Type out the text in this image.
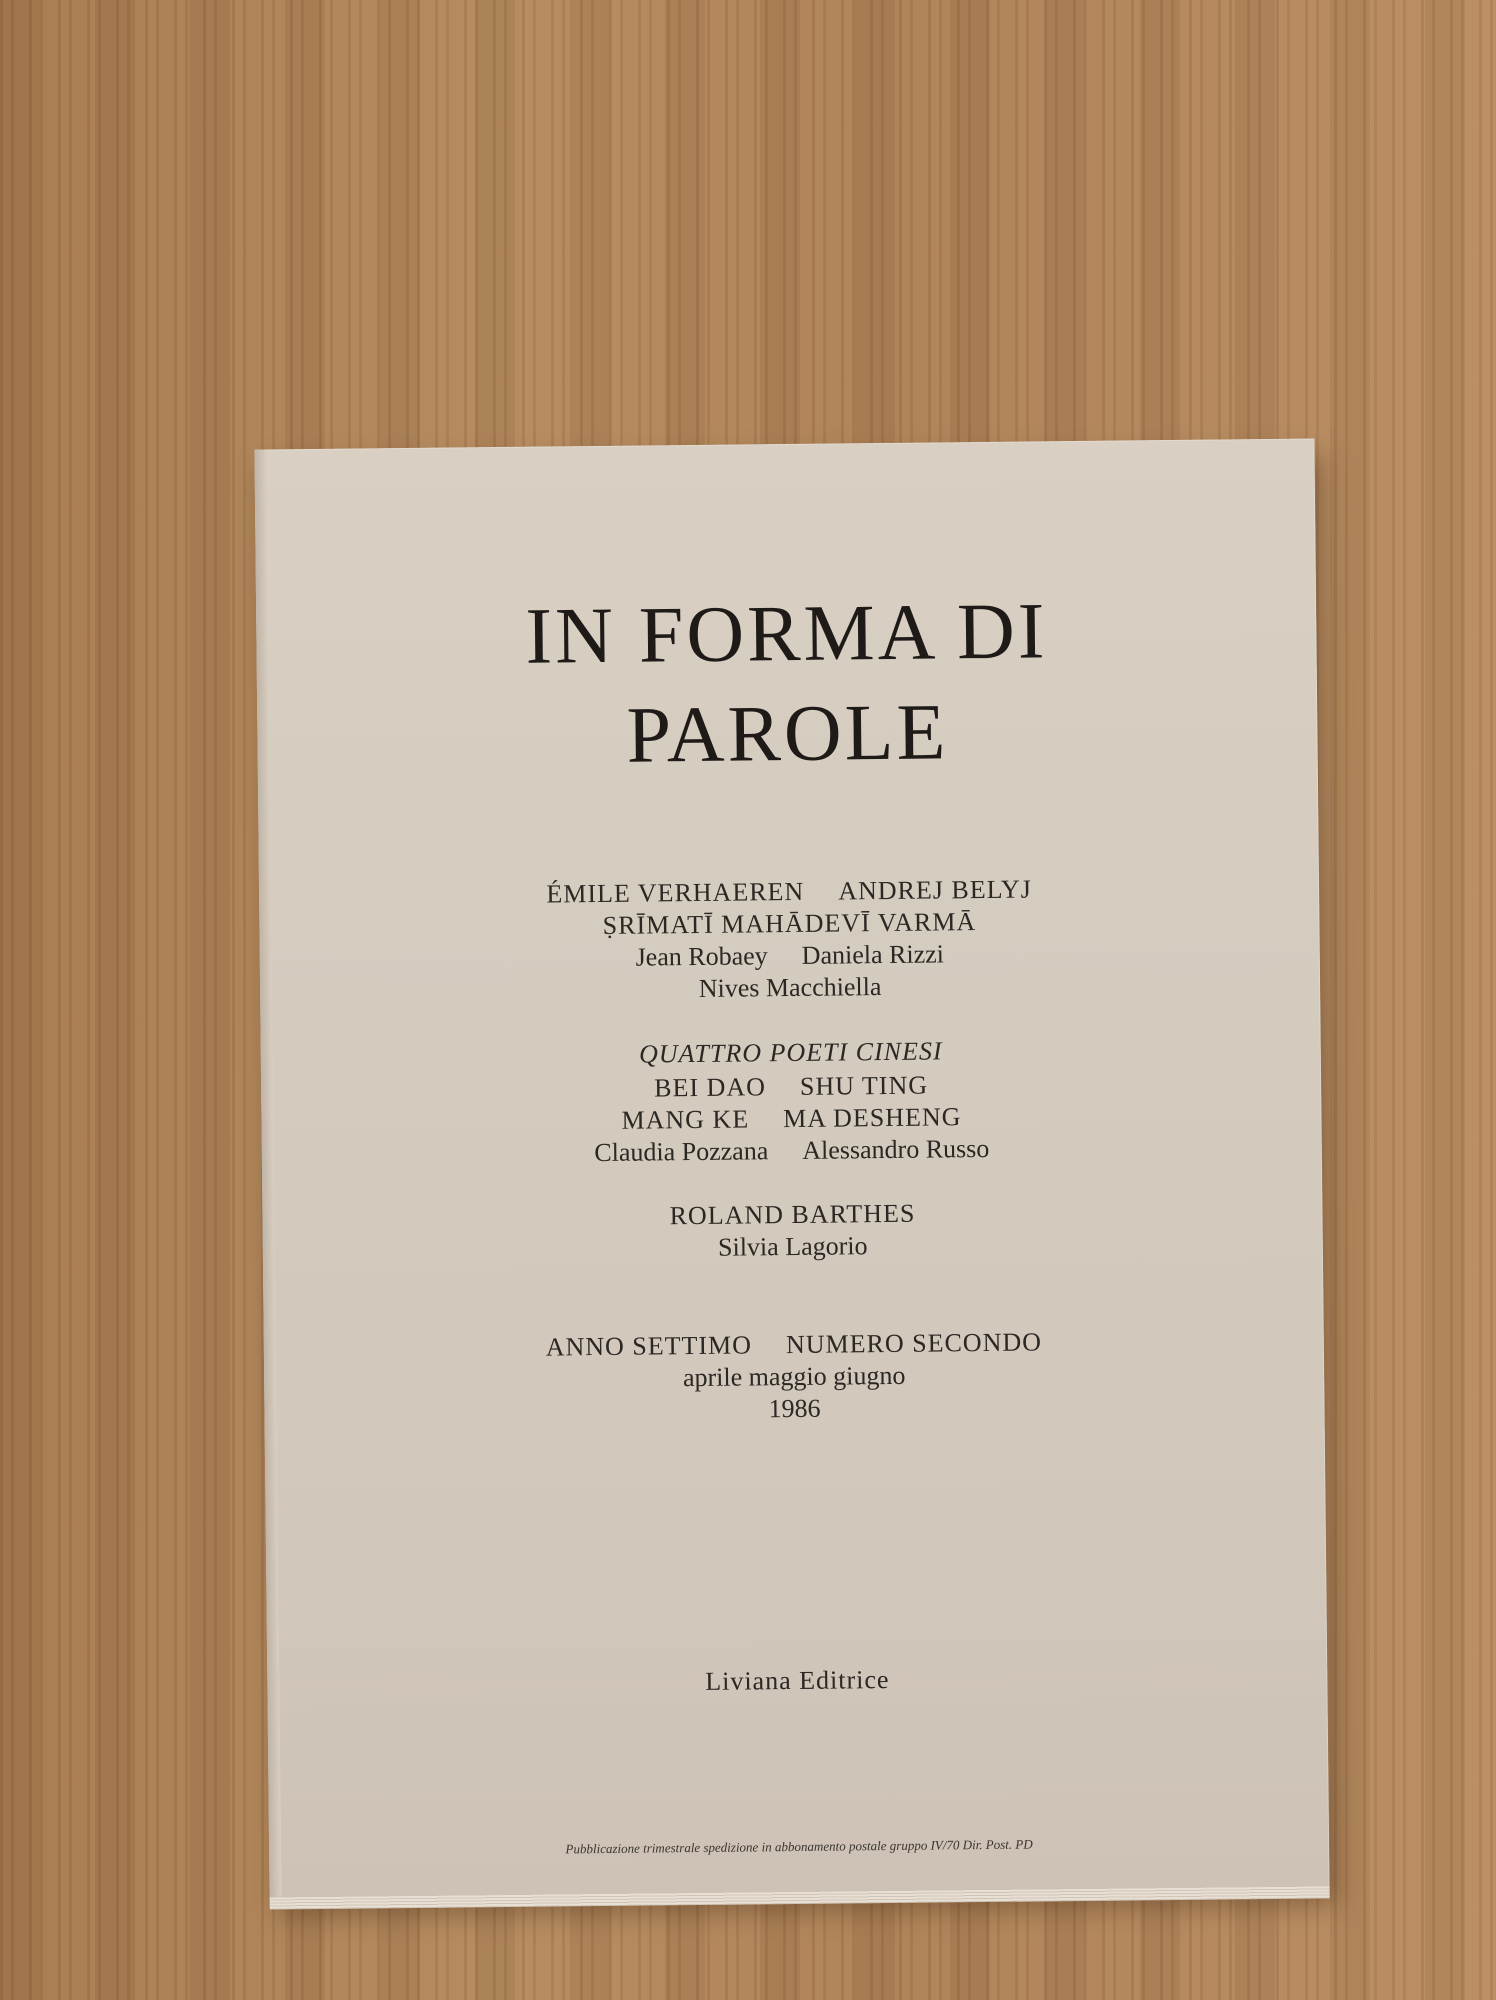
IN FORMA DI
PAROLE
ÉMILE VERHAEREN ANDREJ BELYJ
ṢRĪMATĪ MAHĀDEVĪ VARMĀ
Jean Robaey Daniela Rizzi
Nives Macchiella
QUATTRO POETI CINESI
BEI DAO SHU TING
MANG KE MA DESHENG
Claudia Pozzana Alessandro Russo
ROLAND BARTHES
Silvia Lagorio
ANNO SETTIMO NUMERO SECONDO
aprile maggio giugno
1986
Liviana Editrice
Pubblicazione trimestrale spedizione in abbonamento postale gruppo IV/70 Dir. Post. PD
